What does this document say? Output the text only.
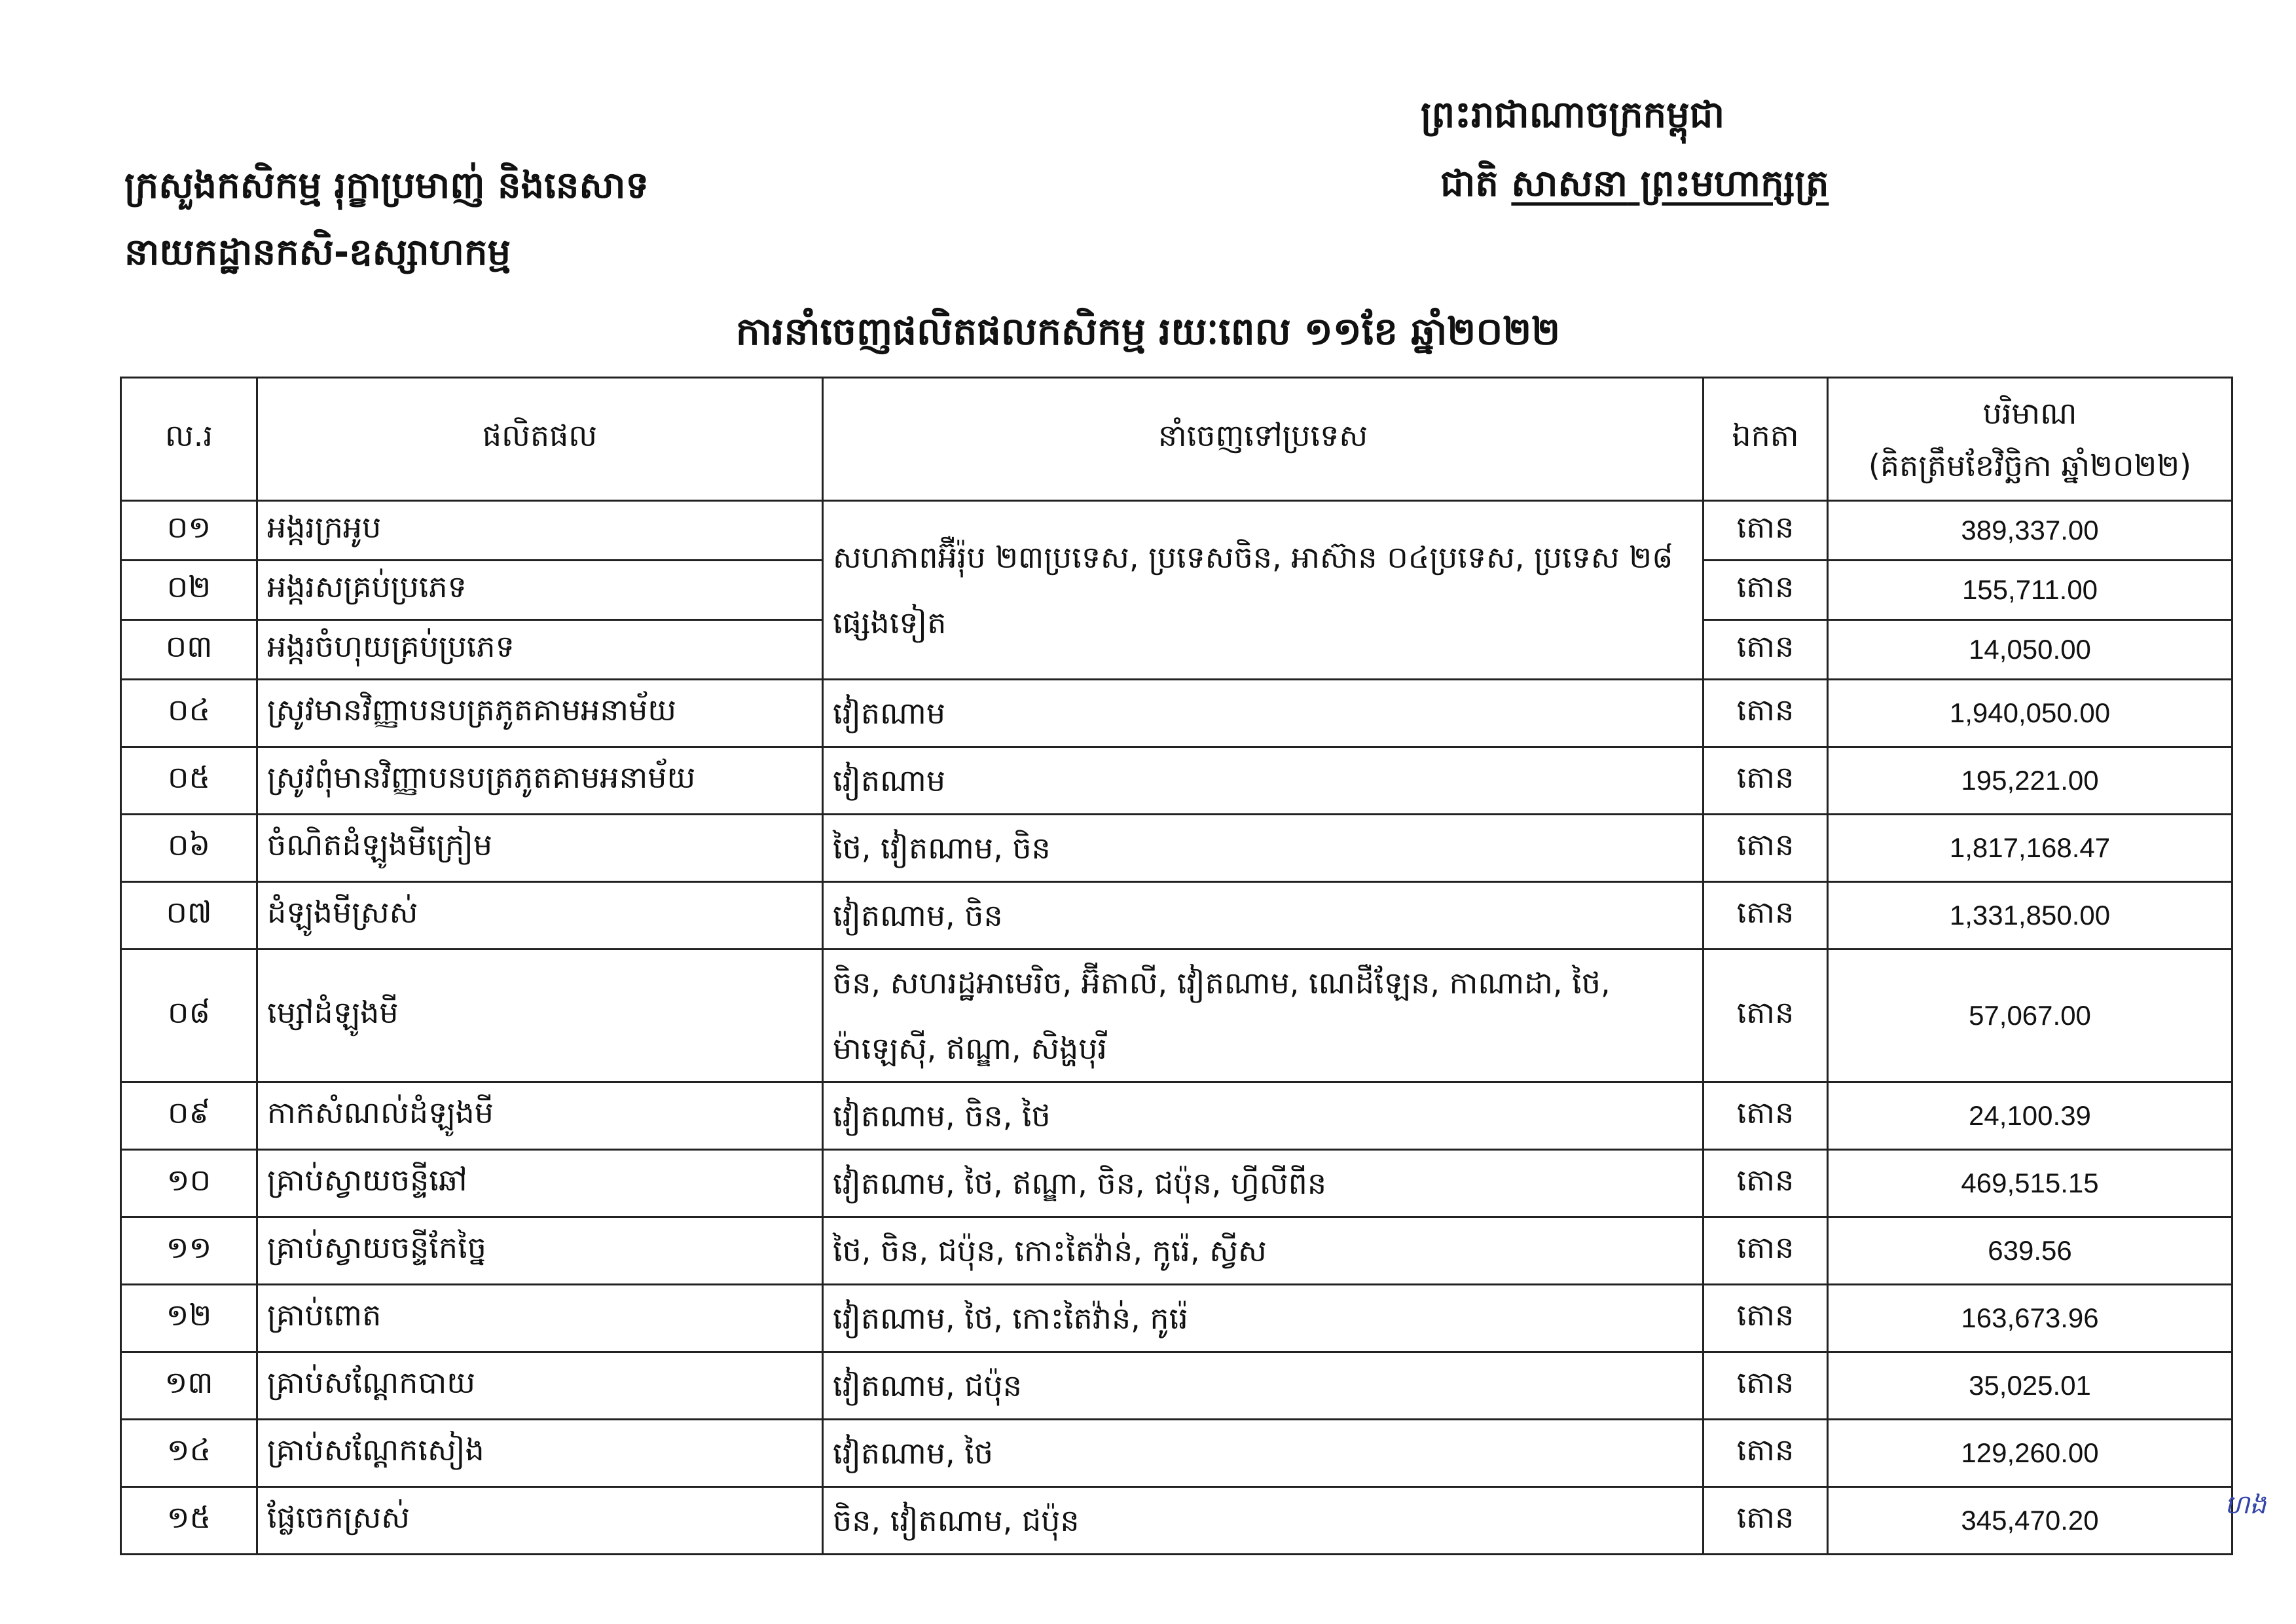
ព្រះរាជាណាចក្រកម្ពុជា
ជាតិ សាសនា ព្រះមហាក្សត្រ
ក្រសួងកសិកម្ម រុក្ខាប្រមាញ់ និងនេសាទ
នាយកដ្ឋានកសិ-ឧស្សាហកម្ម
ការនាំចេញផលិតផលកសិកម្ម រយៈពេល ១១ខែ ឆ្នាំ២០២២
ល.រ	ផលិតផល	នាំចេញទៅប្រទេស	ឯកតា	បរិមាណ
(គិតត្រឹមខែវិច្ឆិកា ឆ្នាំ២០២២)

០១	អង្ករក្រអូប	សហភាពអ៊ឺរ៉ុប ២៣ប្រទេស, ប្រទេសចិន, អាស៊ាន ០៤ប្រទេស, ប្រទេស ២៨ ផ្សេងទៀត	តោន	389,337.00
០២	អង្ករសគ្រប់ប្រភេទ		តោន	155,711.00
០៣	អង្ករចំហុយគ្រប់ប្រភេទ		តោន	14,050.00
០៤	ស្រូវមានវិញ្ញាបនបត្រភូតគាមអនាម័យ	វៀតណាម	តោន	1,940,050.00
០៥	ស្រូវពុំមានវិញ្ញាបនបត្រភូតគាមអនាម័យ	វៀតណាម	តោន	195,221.00
០៦	ចំណិតដំឡូងមីក្រៀម	ថៃ, វៀតណាម, ចិន	តោន	1,817,168.47
០៧	ដំឡូងមីស្រស់	វៀតណាម, ចិន	តោន	1,331,850.00
០៨	ម្សៅដំឡូងមី	ចិន, សហរដ្ឋអាមេរិច, អ៊ីតាលី, វៀតណាម, ណេដឺឡែន, កាណាដា, ថៃ, ម៉ាឡេស៊ី, ឥណ្ឌា, សិង្ហបុរី	តោន	57,067.00
០៩	កាកសំណល់ដំឡូងមី	វៀតណាម, ចិន, ថៃ	តោន	24,100.39
១០	គ្រាប់ស្វាយចន្ទីឆៅ	វៀតណាម, ថៃ, ឥណ្ឌា, ចិន, ជប៉ុន, ហ្វីលីពីន	តោន	469,515.15
១១	គ្រាប់ស្វាយចន្ទីកែច្នៃ	ថៃ, ចិន, ជប៉ុន, កោះតៃវ៉ាន់, កូរ៉េ, ស្វីស	តោន	639.56
១២	គ្រាប់ពោត	វៀតណាម, ថៃ, កោះតៃវ៉ាន់, កូរ៉េ	តោន	163,673.96
១៣	គ្រាប់សណ្ដែកបាយ	វៀតណាម, ជប៉ុន	តោន	35,025.01
១៤	គ្រាប់សណ្ដែកសៀង	វៀតណាម, ថៃ	តោន	129,260.00
១៥	ផ្លែចេកស្រស់	ចិន, វៀតណាម, ជប៉ុន	តោន	345,470.20	ហង
